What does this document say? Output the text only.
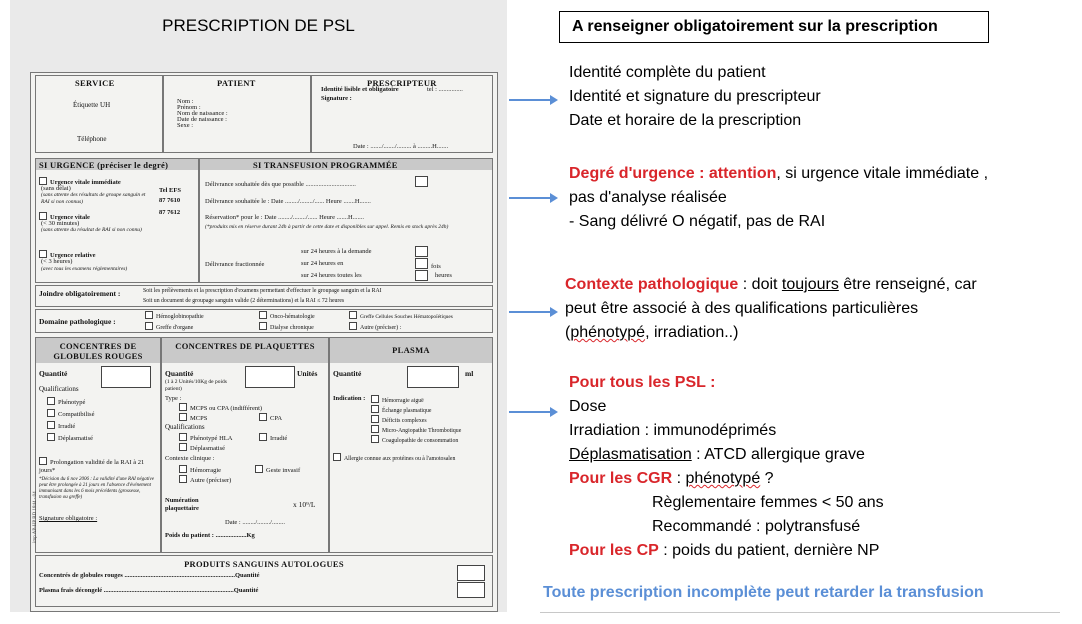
PRESCRIPTION DE PSL
SERVICE	PATIENT	PRESCRIPTEUR
Étiquette UH
Téléphone
Nom :
Prénom :
Nom de naissance :
Date de naissance :
Sexe :
Identité lisible et obligatoire	tel : ...............
Signature :
Date : ......./......./......... à .........H.......
SI URGENCE (préciser le degré)	SI TRANSFUSION PROGRAMMÉE
Urgence vitale immédiate
(sans délai)
(sans attente des résultats de groupe sanguin et RAI si non connus)
Urgence vitale
(< 30 minutes)
(sans attente du résultat de RAI si non connu)
Urgence relative
(< 3 heures)
(avec tous les examens réglementaires)
Tel EFS
87 7610
87 7612
Délivrance souhaitée dès que possible ...............................
Délivrance souhaitée le : Date ......../......../...... Heure .......H.......
Réservation* pour le : Date ......../......../...... Heure .......H.......
(*produits mis en réserve durant 24h à partir de cette date et disponibles sur appel. Remis en stock après 24h)
Délivrance fractionnée
sur 24 heures à la demande
sur 24 heures en
sur 24 heures toutes les
fois
heures
Joindre obligatoirement :	Soit les prélèvements et la prescription d'examens permettant d'effectuer le groupage sanguin et la RAI
Soit un document de groupage sanguin valide (2 déterminations) et la RAI ≤ 72 heures
Domaine pathologique :	Hémoglobinopathie	Onco-hématologie	Greffe Cellules Souches Hématopoïétiques
Greffe d'organe	Dialyse chronique	Autre (préciser) :
CONCENTRES DE GLOBULES ROUGES
CONCENTRES DE PLAQUETTES	PLASMA
Quantité
Qualifications
Phénotypé
Compatibilisé
Irradié
Déplasmatisé
Prolongation validité de la RAI à 21 jours*
*Décision du 6 nov 2006 : La validité d'une RAI négative peut être prolongée à 21 jours en l'absence d'événement immunisant dans les 6 mois précédents (grossesse, transfusion ou greffe)
Signature obligatoire :
Quantité	Unités
(1 à 2 Unités/10Kg de poids patient)
Type :
MCPS ou CPA (indifférent)
MCPS	CPA
Qualifications
Phénotypé HLA	Irradié
Déplasmatisé
Contexte clinique :
Hémorragie	Geste invasif
Autre (préciser)
Numération plaquettaire	x 10⁹/L
Date : ......../......../........
Poids du patient : ...................Kg
Quantité	ml
Indication :	Hémorragie aiguë
Échange plasmatique
Déficits complexes
Micro-Angiopathie Thrombotique
Coagulopathie de consommation
Allergie connue aux protéines ou à l'amotosalen
PRODUITS SANGUINS AUTOLOGUES
Concentrés de globules rouges ....................................................................Quantité
Plasma frais décongelé ................................................................................Quantité
imp AP-HP RD 1844 - 04
A renseigner obligatoirement sur la prescription
Identité complète du patient
Identité et signature du prescripteur
Date et horaire de la prescription
Degré d'urgence : attention, si urgence vitale immédiate ,
pas d'analyse réalisée
- Sang délivré O négatif, pas de RAI
Contexte pathologique : doit toujours être renseigné, car
peut être associé à des qualifications particulières
(phénotypé, irradiation..)
Pour tous les PSL :
Dose
Irradiation : immunodéprimés
Déplasmatisation : ATCD allergique grave
Pour les CGR : phénotypé ?
Règlementaire femmes < 50 ans
Recommandé : polytransfusé
Pour les CP : poids du patient, dernière NP
Toute prescription incomplète peut retarder la transfusion
